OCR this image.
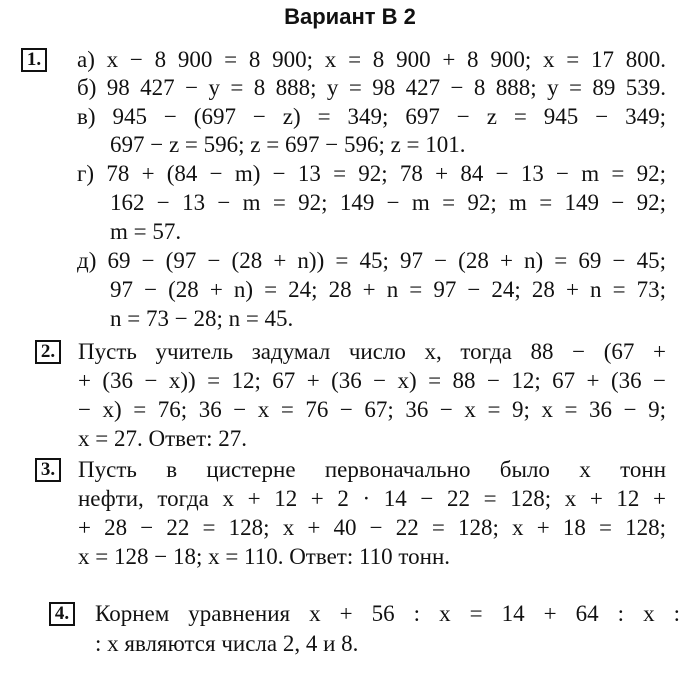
Вариант В 2
1. а) x − 8 900 = 8 900; x = 8 900 + 8 900; x = 17 800.
б) 98 427 − y = 8 888; y = 98 427 − 8 888; y = 89 539.
в) 945 − (697 − z) = 349; 697 − z = 945 − 349;
697 − z = 596; z = 697 − 596; z = 101.
г) 78 + (84 − m) − 13 = 92; 78 + 84 − 13 − m = 92;
162 − 13 − m = 92; 149 − m = 92; m = 149 − 92;
m = 57.
д) 69 − (97 − (28 + n)) = 45; 97 − (28 + n) = 69 − 45;
97 − (28 + n) = 24; 28 + n = 97 − 24; 28 + n = 73;
n = 73 − 28; n = 45.
2. Пусть учитель задумал число x, тогда 88 − (67 +
+ (36 − x)) = 12; 67 + (36 − x) = 88 − 12; 67 + (36 −
− x) = 76; 36 − x = 76 − 67; 36 − x = 9; x = 36 − 9;
x = 27. Ответ: 27.
3. Пусть в цистерне первоначально было x тонн
нефти, тогда x + 12 + 2 · 14 − 22 = 128; x + 12 +
+ 28 − 22 = 128; x + 40 − 22 = 128; x + 18 = 128;
x = 128 − 18; x = 110. Ответ: 110 тонн.
4. Корнем уравнения x + 56 : x = 14 + 64 : x :
: x являются числа 2, 4 и 8.
